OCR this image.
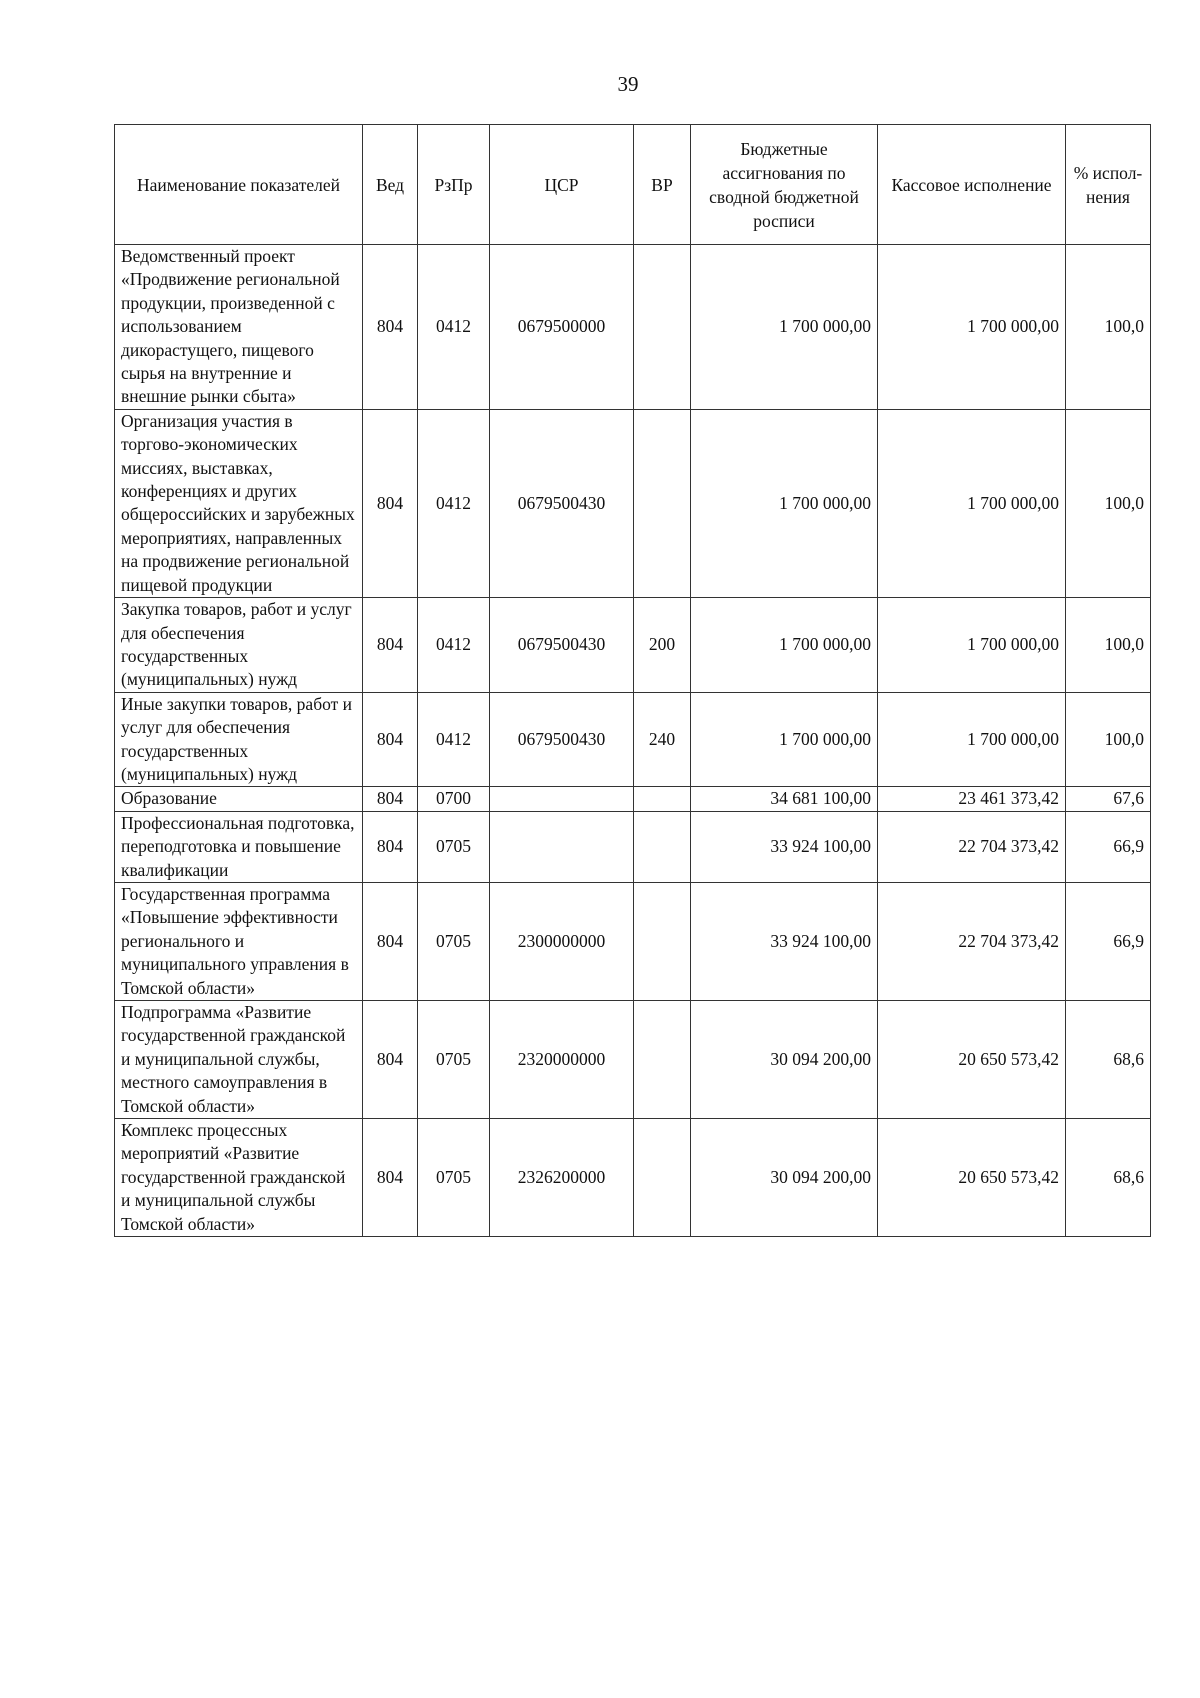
39
Наименование показателей	Вед	РзПр	ЦСР	ВР	Бюджетные ассигнования по сводной бюджетной росписи	Кассовое исполнение	% испол-нения
Ведомственный проект «Продвижение региональной продукции, произведенной с использованием дикорастущего, пищевого сырья на внутренние и внешние рынки сбыта»	804	0412	0679500000		1 700 000,00	1 700 000,00	100,0
Организация участия в торгово-экономических миссиях, выставках, конференциях и других общероссийских и зарубежных мероприятиях, направленных на продвижение региональной пищевой продукции	804	0412	0679500430		1 700 000,00	1 700 000,00	100,0
Закупка товаров, работ и услуг для обеспечения государственных (муниципальных) нужд	804	0412	0679500430	200	1 700 000,00	1 700 000,00	100,0
Иные закупки товаров, работ и услуг для обеспечения государственных (муниципальных) нужд	804	0412	0679500430	240	1 700 000,00	1 700 000,00	100,0
Образование	804	0700			34 681 100,00	23 461 373,42	67,6
Профессиональная подготовка, переподготовка и повышение квалификации	804	0705			33 924 100,00	22 704 373,42	66,9
Государственная программа «Повышение эффективности регионального и муниципального управления в Томской области»	804	0705	2300000000		33 924 100,00	22 704 373,42	66,9
Подпрограмма «Развитие государственной гражданской и муниципальной службы, местного самоуправления в Томской области»	804	0705	2320000000		30 094 200,00	20 650 573,42	68,6
Комплекс процессных мероприятий «Развитие государственной гражданской и муниципальной службы Томской области»	804	0705	2326200000		30 094 200,00	20 650 573,42	68,6
